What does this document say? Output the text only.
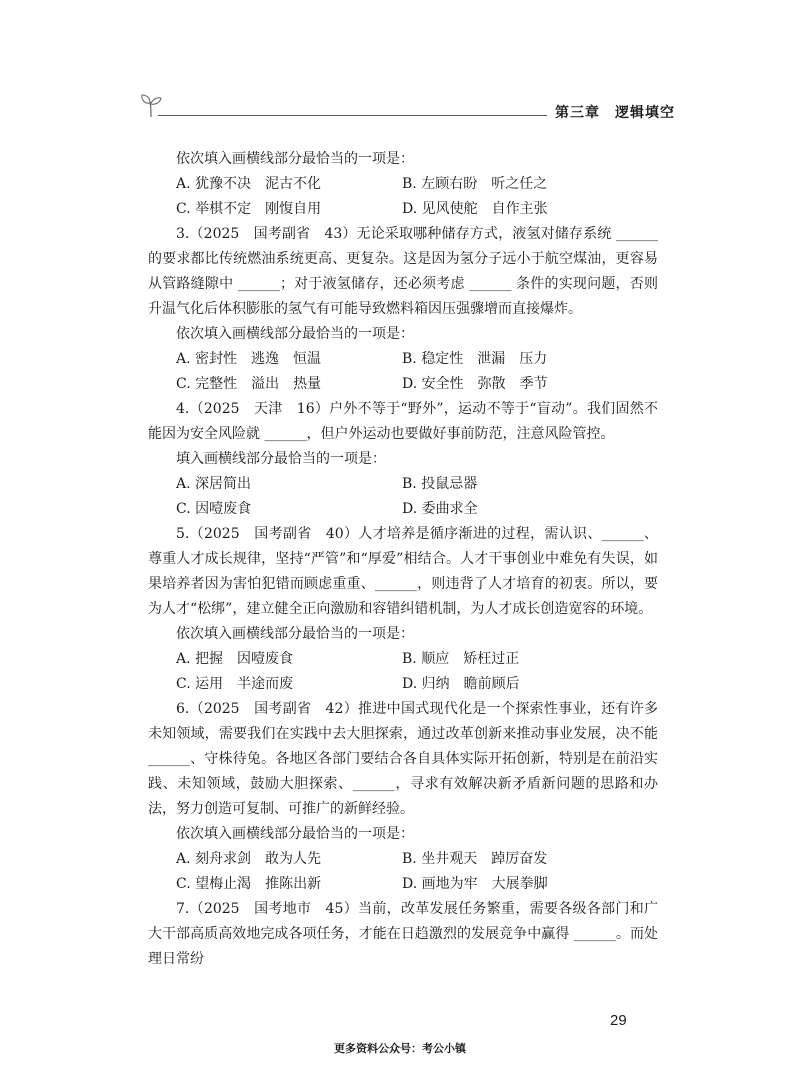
第三章　逻辑填空

依次填入画横线部分最恰当的一项是：

A. 犹豫不决　泥古不化	B. 左顾右盼　听之任之
C. 举棋不定　刚愎自用	D. 见风使舵　自作主张

3.（2025　国考副省　43）无论采取哪种储存方式，液氢对储存系统 ______ 的要求都比传统燃油系统更高、更复杂。这是因为氢分子远小于航空煤油，更容易从管路缝隙中 ______；对于液氢储存，还必须考虑 ______ 条件的实现问题，否则升温气化后体积膨胀的氢气有可能导致燃料箱因压强骤增而直接爆炸。

依次填入画横线部分最恰当的一项是：

A. 密封性　逃逸　恒温	B. 稳定性　泄漏　压力
C. 完整性　溢出　热量	D. 安全性　弥散　季节

4.（2025　天津　16）户外不等于“野外”，运动不等于“盲动”。我们固然不能因为安全风险就 ______，但户外运动也要做好事前防范，注意风险管控。

填入画横线部分最恰当的一项是：

A. 深居简出	B. 投鼠忌器
C. 因噎废食	D. 委曲求全

5.（2025　国考副省　40）人才培养是循序渐进的过程，需认识、______、尊重人才成长规律，坚持“严管”和“厚爱”相结合。人才干事创业中难免有失误，如果培养者因为害怕犯错而顾虑重重、______，则违背了人才培育的初衷。所以，要为人才“松绑”，建立健全正向激励和容错纠错机制，为人才成长创造宽容的环境。

依次填入画横线部分最恰当的一项是：

A. 把握　因噎废食	B. 顺应　矫枉过正
C. 运用　半途而废	D. 归纳　瞻前顾后

6.（2025　国考副省　42）推进中国式现代化是一个探索性事业，还有许多未知领域，需要我们在实践中去大胆探索，通过改革创新来推动事业发展，决不能 ______、守株待兔。各地区各部门要结合各自具体实际开拓创新，特别是在前沿实践、未知领域，鼓励大胆探索、______，寻求有效解决新矛盾新问题的思路和办法，努力创造可复制、可推广的新鲜经验。

依次填入画横线部分最恰当的一项是：

A. 刻舟求剑　敢为人先	B. 坐井观天　踔厉奋发
C. 望梅止渴　推陈出新	D. 画地为牢　大展拳脚

7.（2025　国考地市　45）当前，改革发展任务繁重，需要各级各部门和广大干部高质高效地完成各项任务，才能在日趋激烈的发展竞争中赢得 ______。而处理日常纷

29
更多资料公众号：考公小镇
